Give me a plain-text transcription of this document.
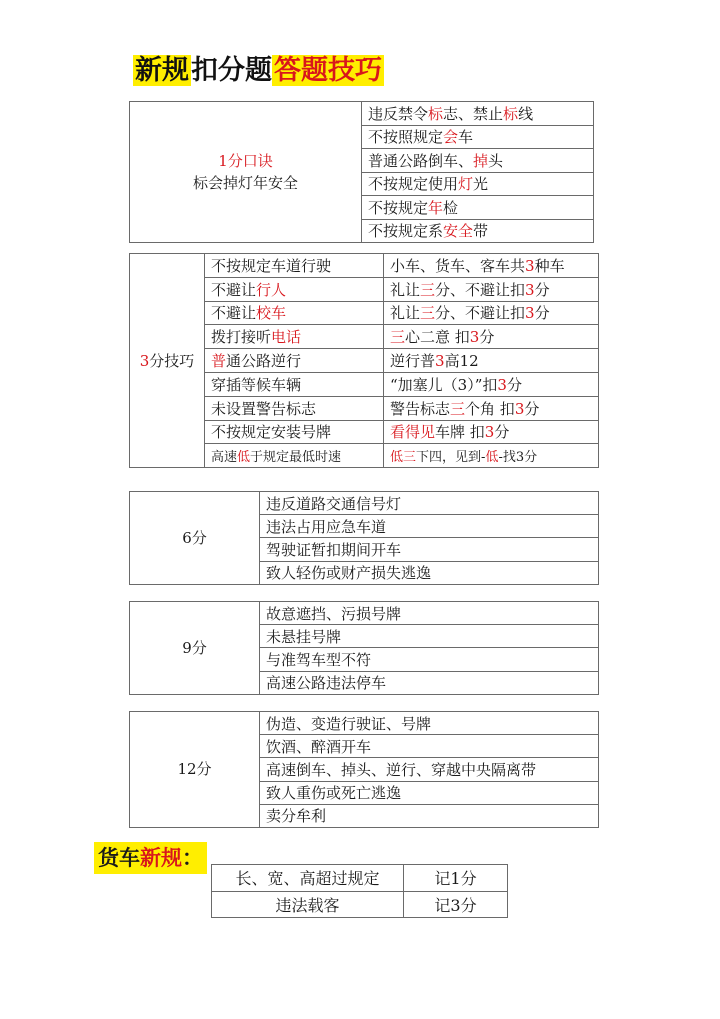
新规扣分题答题技巧
1分口诀
标会掉灯年安全
	违反禁令标志、禁止标线
不按照规定会车
普通公路倒车、掉头
不按规定使用灯光
不按规定年检
不按规定系安全带
3分技巧	不按规定车道行驶	小车、货车、客车共3种车
	不避让行人	礼让三分、不避让扣3分
	不避让校车	礼让三分、不避让扣3分
	拨打接听电话	三心二意 扣3分
	普通公路逆行	逆行普3高12
	穿插等候车辆	“加塞儿（3）”扣3分
	未设置警告标志	警告标志三个角 扣3分
	不按规定安装号牌	看得见车牌 扣3分
	高速低于规定最低时速	低三下四，见到-低-找3分
6分	违反道路交通信号灯
违法占用应急车道
驾驶证暂扣期间开车
致人轻伤或财产损失逃逸
9分	故意遮挡、污损号牌
未悬挂号牌
与准驾车型不符
高速公路违法停车
12分	伪造、变造行驶证、号牌
饮酒、醉酒开车
高速倒车、掉头、逆行、穿越中央隔离带
致人重伤或死亡逃逸
卖分牟利
货车新规：
长、宽、高超过规定	记1分
违法载客	记3分
